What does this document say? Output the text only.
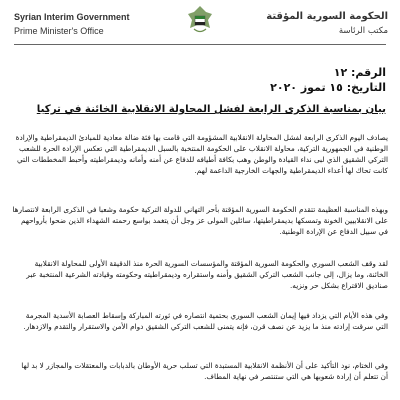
Syrian Interim Government
Prime Minister's Office
الحكومة السورية المؤقتة
مكتب الرئاسة
الرقم: ١٢
التاريخ: ١٥ تموز ٢٠٢٠
بيان بمناسبة الذكرى الرابعة لفشل المحاولة الانقلابية الخائنة في تركيا
يصادف اليوم الذكرى الرابعة لفشل المحاولة الانقلابية المشؤومة التي قامت بها فئة ضالة معادية للمبادئ الديمقراطية والإرادة الوطنية في الجمهورية التركية، محاولة الانقلاب على الحكومة المنتخبة بالسبل الديمقراطية التي تعكس الإرادة الحرة للشعب التركي الشقيق الذي لبى نداء القيادة والوطن وهب بكافة أطيافه للدفاع عن أمنه وأمانه وديمقراطيته وأحبط المخططات التي كانت تحاك لها أعداء الديمقراطية والجهات الخارجية الداعمة لهم.
وبهذه المناسبة العظيمة تتقدم الحكومة السورية المؤقتة بأحر التهاني للدولة التركية حكومة وشعبا في الذكرى الرابعة لانتصارها على الانقلابيين الخونة وتمسكها بديمقراطيتها، سائلين المولى عز وجل أن يتغمد بواسع رحمته الشهداء الذين ضحوا بأرواحهم في سبيل الدفاع عن الإرادة الوطنية.
لقد وقف الشعب السوري والحكومة السورية المؤقتة والمؤسسات السورية الحرة منذ الدقيقة الأولى للمحاولة الانقلابية الخائنة، وما يزال، إلى جانب الشعب التركي الشقيق وأمنه واستقراره وديمقراطيته وحكومته وقيادته الشرعية المنتخبة عبر صناديق الاقتراع بشكل حر ونزيه.
وفي هذه الأيام التي يزداد فيها إيمان الشعب السوري بحتمية انتصاره في ثورته المباركة وإسقاط العصابة الأسدية المجرمة التي سرقت إرادته منذ ما يزيد عن نصف قرن، فإنه يتمنى للشعب التركي الشقيق دوام الأمن والاستقرار والتقدم والازدهار.
وفي الختام، نود التأكيد على أن الأنظمة الانقلابية المستبدة التي تسلب حرية الأوطان بالدبابات والمعتقلات والمجازر لا بد لها أن تتعلم أن إرادة شعوبها هي التي ستنتصر في نهاية المطاف.
